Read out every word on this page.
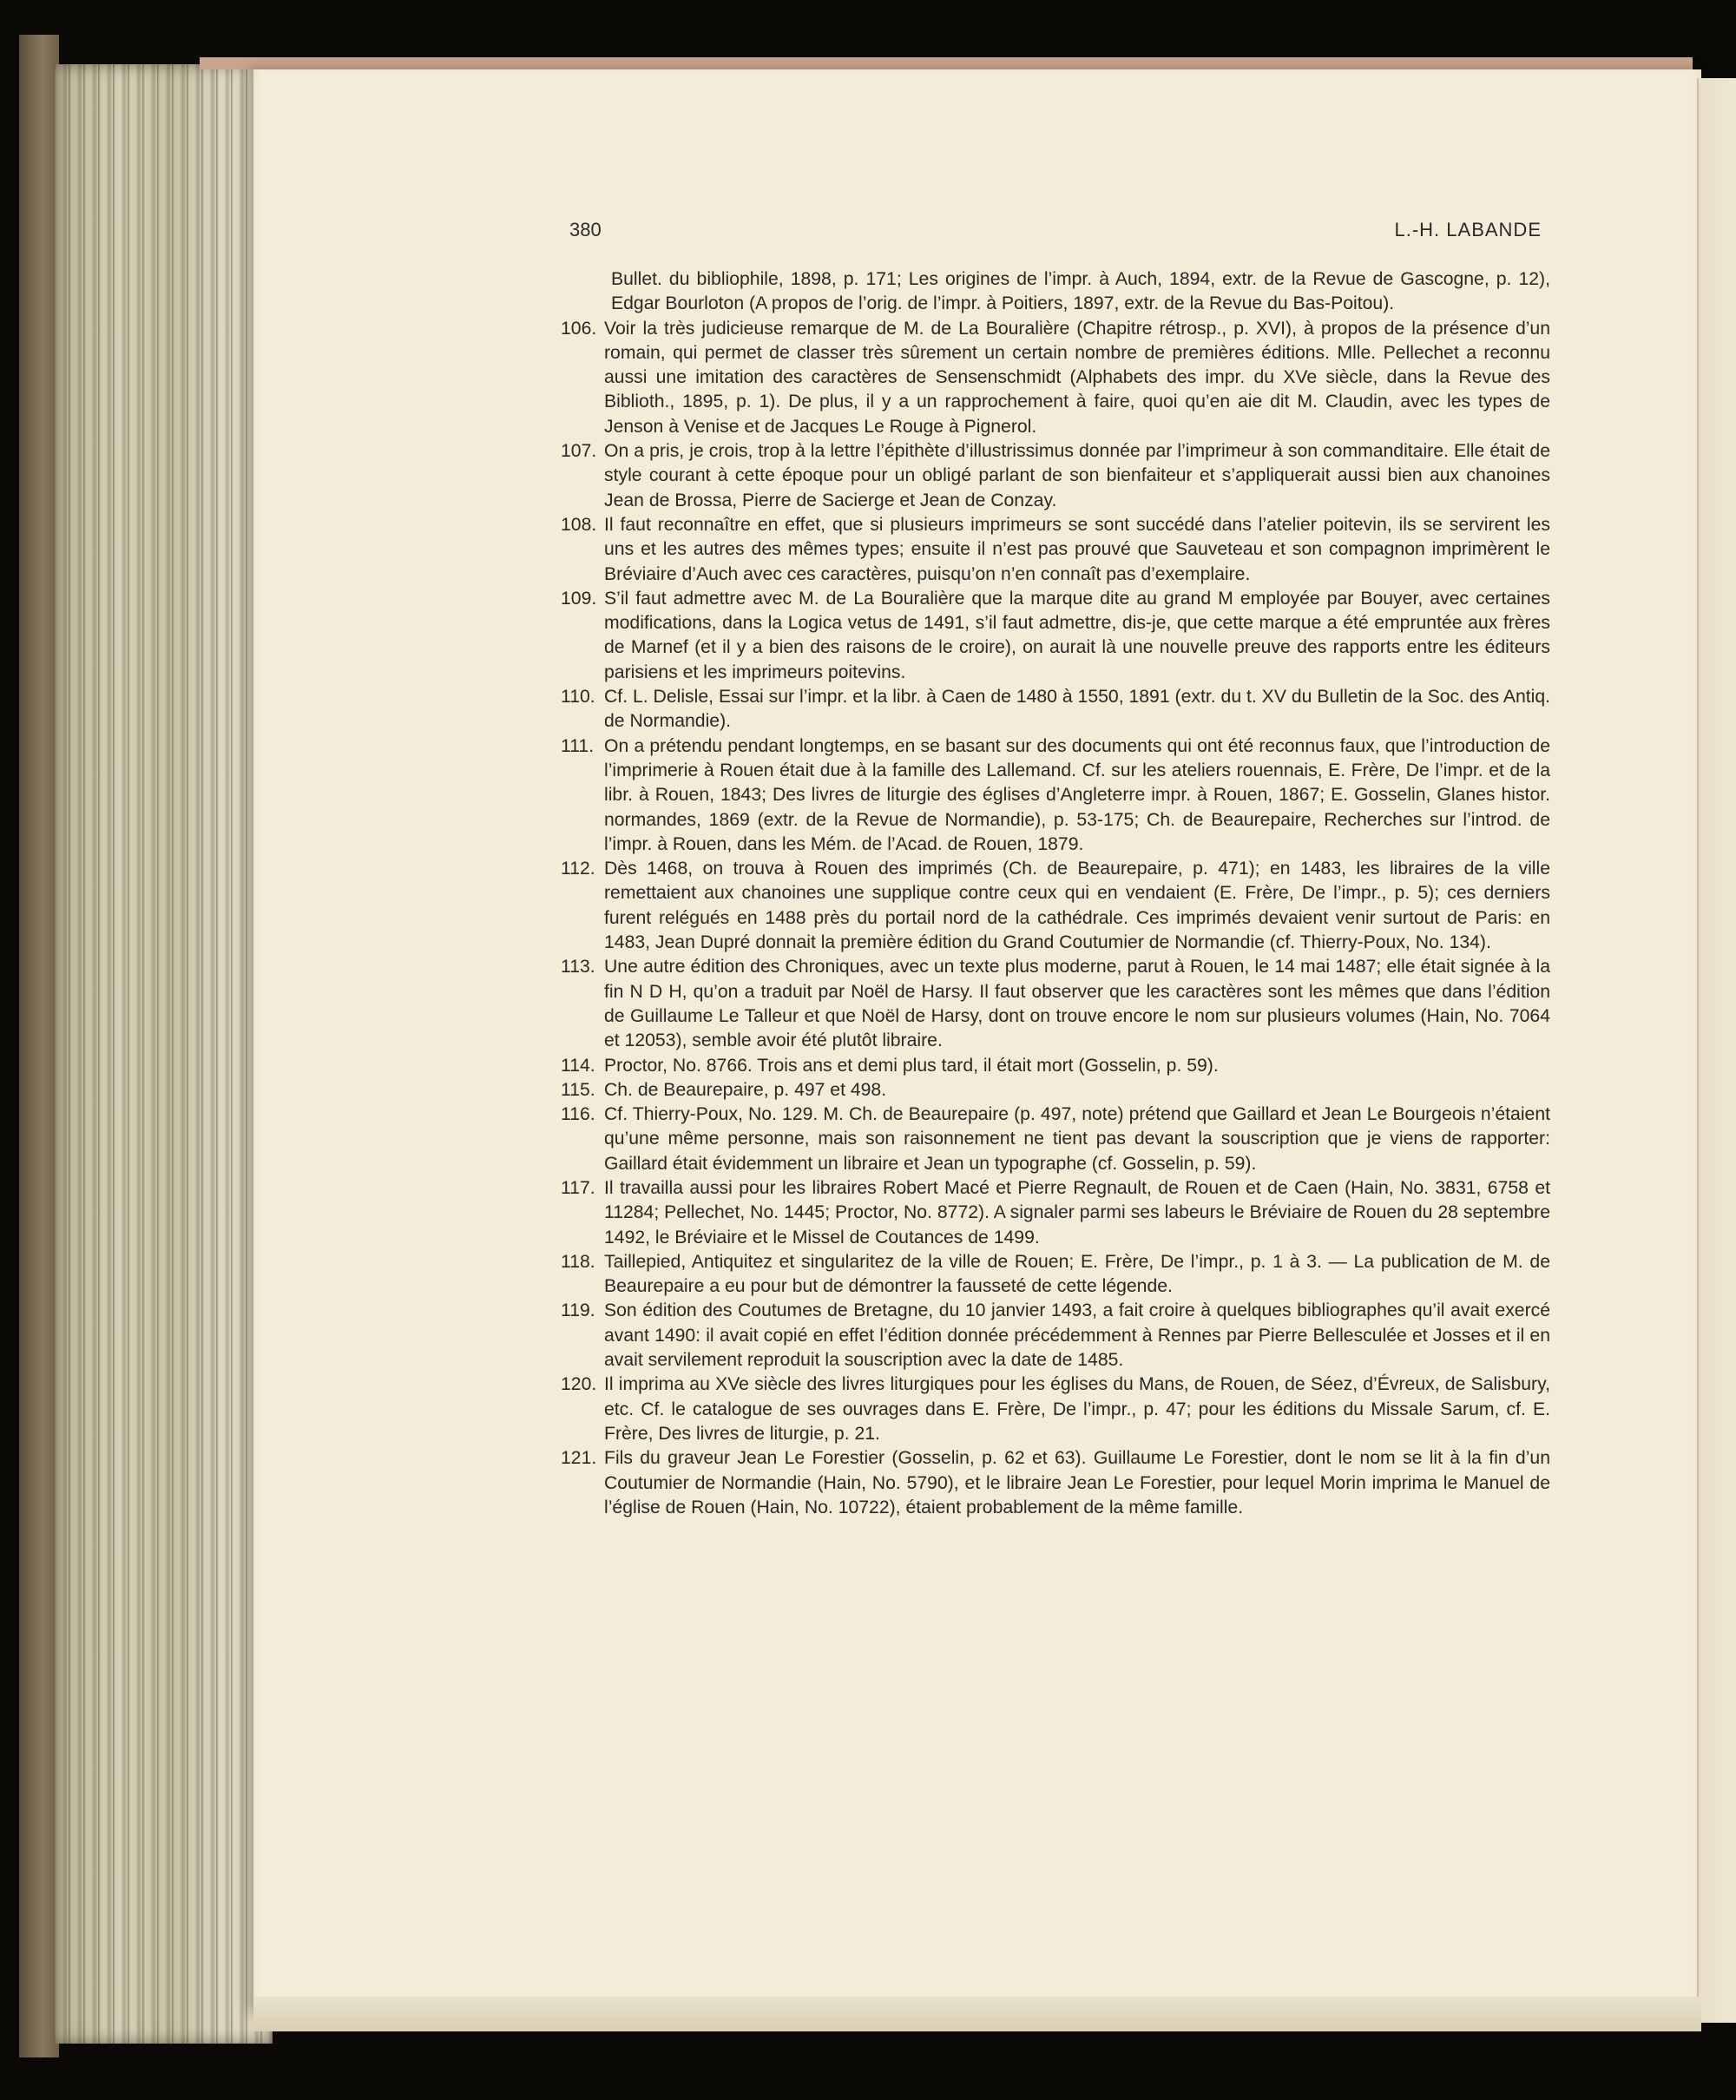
380	L.-H. LABANDE
Bullet. du bibliophile, 1898, p. 171; Les origines de l’impr. à Auch, 1894, extr. de la Revue de Gascogne, p. 12), Edgar Bourloton (A propos de l’orig. de l’impr. à Poitiers, 1897, extr. de la Revue du Bas-Poitou).
106. Voir la très judicieuse remarque de M. de La Bouralière (Chapitre rétrosp., p. XVI), à propos de la présence d’un romain, qui permet de classer très sûrement un certain nombre de premières éditions. Mlle. Pellechet a reconnu aussi une imitation des caractères de Sensenschmidt (Alphabets des impr. du XVe siècle, dans la Revue des Biblioth., 1895, p. 1). De plus, il y a un rapprochement à faire, quoi qu’en aie dit M. Claudin, avec les types de Jenson à Venise et de Jacques Le Rouge à Pignerol.
107. On a pris, je crois, trop à la lettre l’épithète d’illustrissimus donnée par l’imprimeur à son commanditaire. Elle était de style courant à cette époque pour un obligé parlant de son bienfaiteur et s’appliquerait aussi bien aux chanoines Jean de Brossa, Pierre de Sacierge et Jean de Conzay.
108. Il faut reconnaître en effet, que si plusieurs imprimeurs se sont succédé dans l’atelier poitevin, ils se servirent les uns et les autres des mêmes types; ensuite il n’est pas prouvé que Sauveteau et son compagnon imprimèrent le Bréviaire d’Auch avec ces caractères, puisqu’on n’en connaît pas d’exemplaire.
109. S’il faut admettre avec M. de La Bouralière que la marque dite au grand M employée par Bouyer, avec certaines modifications, dans la Logica vetus de 1491, s’il faut admettre, dis-je, que cette marque a été empruntée aux frères de Marnef (et il y a bien des raisons de le croire), on aurait là une nouvelle preuve des rapports entre les éditeurs parisiens et les imprimeurs poitevins.
110. Cf. L. Delisle, Essai sur l’impr. et la libr. à Caen de 1480 à 1550, 1891 (extr. du t. XV du Bulletin de la Soc. des Antiq. de Normandie).
111. On a prétendu pendant longtemps, en se basant sur des documents qui ont été reconnus faux, que l’introduction de l’imprimerie à Rouen était due à la famille des Lallemand. Cf. sur les ateliers rouennais, E. Frère, De l’impr. et de la libr. à Rouen, 1843; Des livres de liturgie des églises d’Angleterre impr. à Rouen, 1867; E. Gosselin, Glanes histor. normandes, 1869 (extr. de la Revue de Normandie), p. 53-175; Ch. de Beaurepaire, Recherches sur l’introd. de l’impr. à Rouen, dans les Mém. de l’Acad. de Rouen, 1879.
112. Dès 1468, on trouva à Rouen des imprimés (Ch. de Beaurepaire, p. 471); en 1483, les libraires de la ville remettaient aux chanoines une supplique contre ceux qui en vendaient (E. Frère, De l’impr., p. 5); ces derniers furent relégués en 1488 près du portail nord de la cathédrale. Ces imprimés devaient venir surtout de Paris: en 1483, Jean Dupré donnait la première édition du Grand Coutumier de Normandie (cf. Thierry-Poux, No. 134).
113. Une autre édition des Chroniques, avec un texte plus moderne, parut à Rouen, le 14 mai 1487; elle était signée à la fin N D H, qu’on a traduit par Noël de Harsy. Il faut observer que les caractères sont les mêmes que dans l’édition de Guillaume Le Talleur et que Noël de Harsy, dont on trouve encore le nom sur plusieurs volumes (Hain, No. 7064 et 12053), semble avoir été plutôt libraire.
114. Proctor, No. 8766. Trois ans et demi plus tard, il était mort (Gosselin, p. 59).
115. Ch. de Beaurepaire, p. 497 et 498.
116. Cf. Thierry-Poux, No. 129. M. Ch. de Beaurepaire (p. 497, note) prétend que Gaillard et Jean Le Bourgeois n’étaient qu’une même personne, mais son raisonnement ne tient pas devant la souscription que je viens de rapporter: Gaillard était évidemment un libraire et Jean un typographe (cf. Gosselin, p. 59).
117. Il travailla aussi pour les libraires Robert Macé et Pierre Regnault, de Rouen et de Caen (Hain, No. 3831, 6758 et 11284; Pellechet, No. 1445; Proctor, No. 8772). A signaler parmi ses labeurs le Bréviaire de Rouen du 28 septembre 1492, le Bréviaire et le Missel de Coutances de 1499.
118. Taillepied, Antiquitez et singularitez de la ville de Rouen; E. Frère, De l’impr., p. 1 à 3. — La publication de M. de Beaurepaire a eu pour but de démontrer la fausseté de cette légende.
119. Son édition des Coutumes de Bretagne, du 10 janvier 1493, a fait croire à quelques bibliographes qu’il avait exercé avant 1490: il avait copié en effet l’édition donnée précédemment à Rennes par Pierre Bellesculée et Josses et il en avait servilement reproduit la souscription avec la date de 1485.
120. Il imprima au XVe siècle des livres liturgiques pour les églises du Mans, de Rouen, de Séez, d’Évreux, de Salisbury, etc. Cf. le catalogue de ses ouvrages dans E. Frère, De l’impr., p. 47; pour les éditions du Missale Sarum, cf. E. Frère, Des livres de liturgie, p. 21.
121. Fils du graveur Jean Le Forestier (Gosselin, p. 62 et 63). Guillaume Le Forestier, dont le nom se lit à la fin d’un Coutumier de Normandie (Hain, No. 5790), et le libraire Jean Le Forestier, pour lequel Morin imprima le Manuel de l’église de Rouen (Hain, No. 10722), étaient probablement de la même famille.
